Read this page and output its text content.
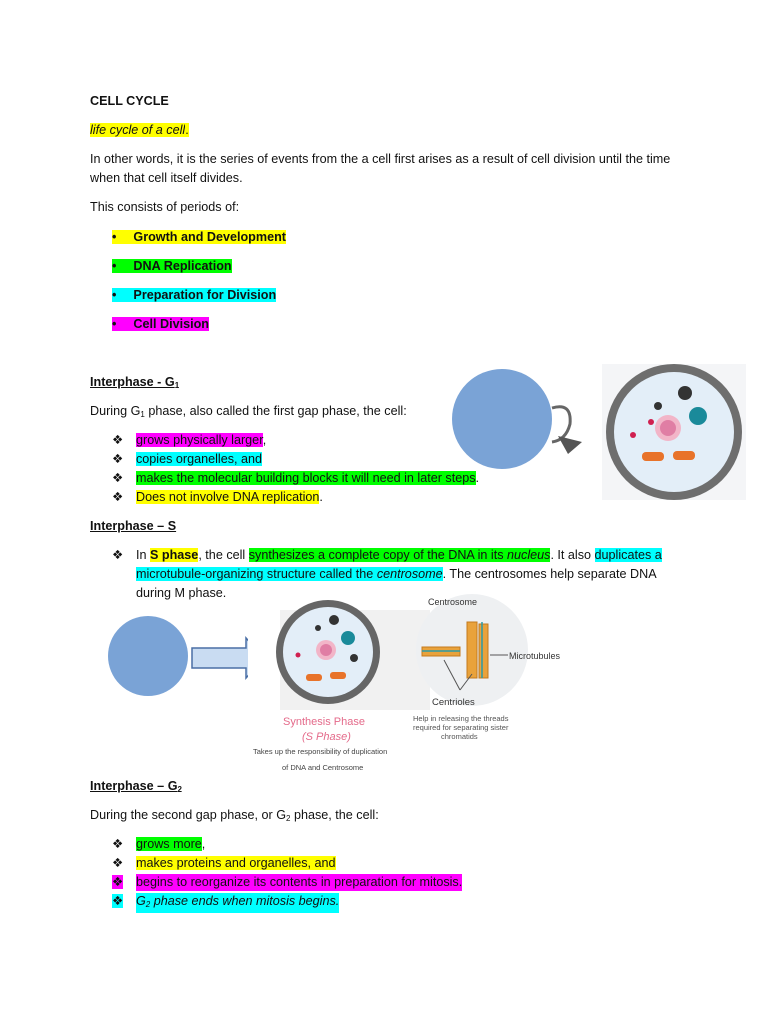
CELL CYCLE
life cycle of a cell.
In other words, it is the series of events from the a cell first arises as a result of cell division until the time
when that cell itself divides.
This consists of periods of:
• Growth and Development
• DNA Replication
• Preparation for Division
• Cell Division
Interphase - $G_1$
During $G_1$ phase, also called the first gap phase, the cell:
❖ grows physically larger,
❖ copies organelles, and
❖ makes the molecular building blocks it will need in later steps.
❖ Does not involve DNA replication.
Interphase – S
❖ In S phase, the cell synthesizes a complete copy of the DNA in its nucleus. It also duplicates a
microtubule-organizing structure called the centrosome. The centrosomes help separate DNA
during M phase.
Centrosome
Microtubules
Centrioles
Help in releasing the threads
required for separating sister
chromatids
Synthesis Phase
(S Phase)
Takes up the responsibility of duplication
of DNA and Centrosome
Interphase – $G_2$
During the second gap phase, or $G_2$ phase, the cell:
❖ grows more,
❖ makes proteins and organelles, and
❖ begins to reorganize its contents in preparation for mitosis.
❖ $G_2$ phase ends when mitosis begins.
